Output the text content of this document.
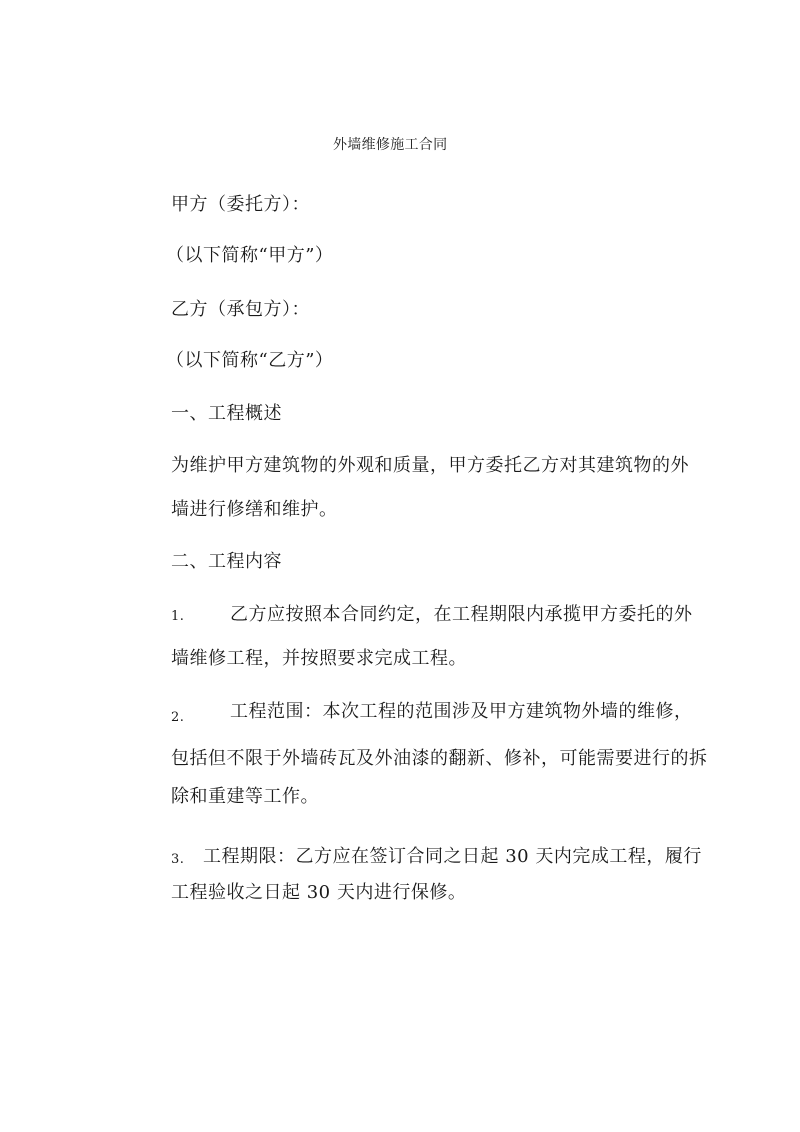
外墙维修施工合同

甲方（委托方）：

（以下简称“甲方”）

乙方（承包方）：

（以下简称“乙方”）

一、工程概述

为维护甲方建筑物的外观和质量，甲方委托乙方对其建筑物的外

墙进行修缮和维护。

二、工程内容

1.	乙方应按照本合同约定，在工程期限内承揽甲方委托的外

墙维修工程，并按照要求完成工程。

2.	工程范围：本次工程的范围涉及甲方建筑物外墙的维修，

包括但不限于外墙砖瓦及外油漆的翻新、修补，可能需要进行的拆

除和重建等工作。

3. 工程期限：乙方应在签订合同之日起 30 天内完成工程，履行

工程验收之日起 30 天内进行保修。
